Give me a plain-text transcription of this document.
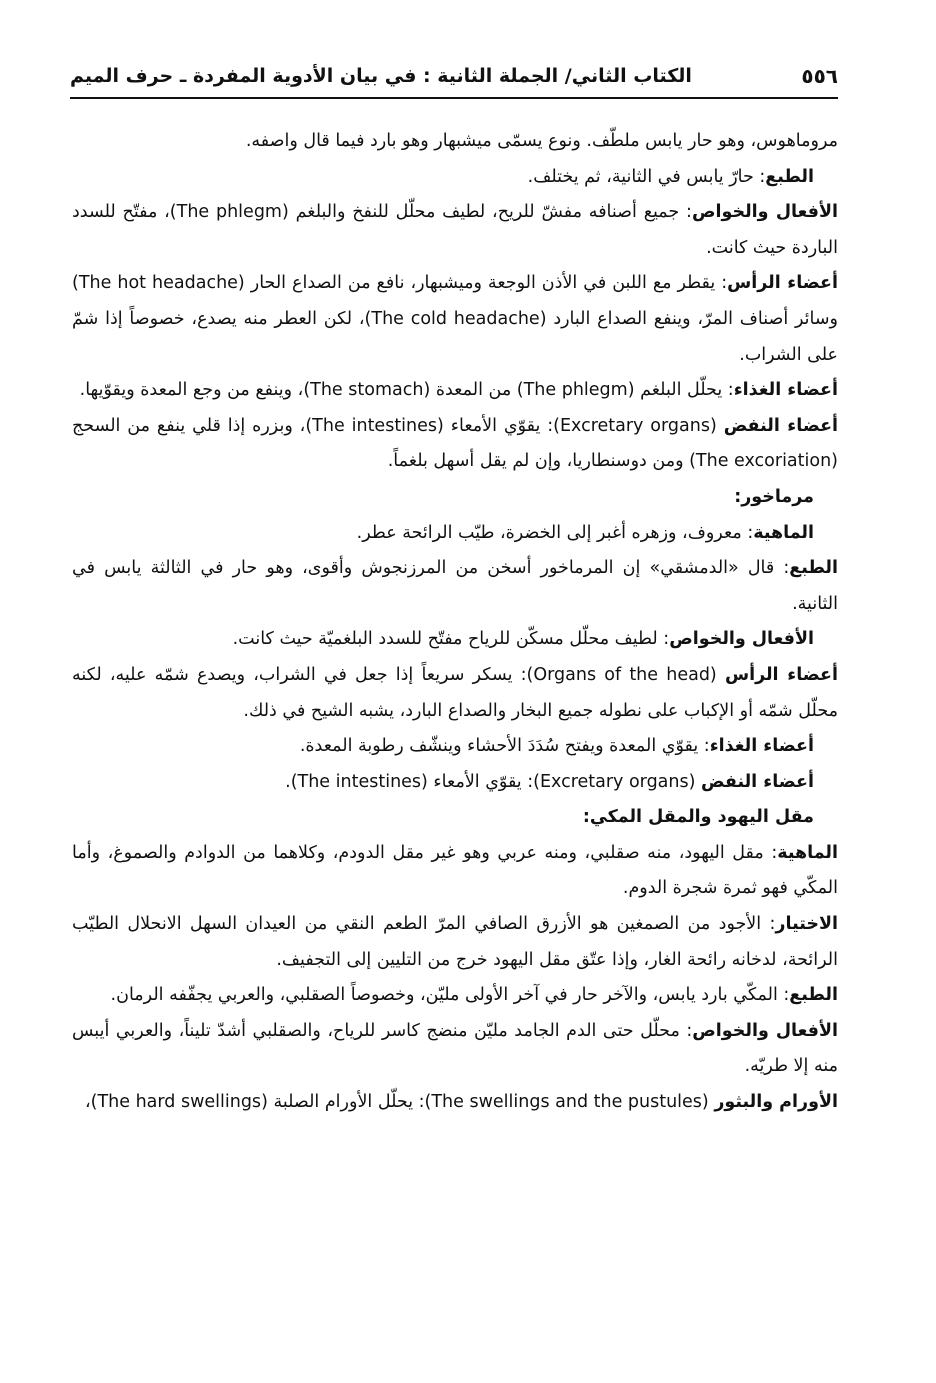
٥٥٦
الكتاب الثاني/ الجملة الثانية : في بيان الأدوية المفردة ـ حرف الميم

مروماهوس، وهو حار يابس ملطّف. ونوع يسمّى ميشبهار وهو بارد فيما قال واصفه.

الطبع: حارّ يابس في الثانية، ثم يختلف.

الأفعال والخواص: جميع أصنافه مفشّ للريح، لطيف محلّل للنفخ والبلغم (The phlegm)، مفتّح للسدد الباردة حيث كانت.

أعضاء الرأس: يقطر مع اللبن في الأذن الوجعة وميشبهار، نافع من الصداع الحار (The hot headache) وسائر أصناف المرّ، وينفع الصداع البارد (The cold headache)، لكن العطر منه يصدع، خصوصاً إذا شمّ على الشراب.

أعضاء الغذاء: يحلّل البلغم (The phlegm) من المعدة (The stomach)، وينفع من وجع المعدة ويقوّيها.

أعضاء النفض (Excretary organs): يقوّي الأمعاء (The intestines)، وبزره إذا قلي ينفع من السحج (The excoriation) ومن دوسنطاريا، وإن لم يقل أسهل بلغماً.

مرماخور:

الماهية: معروف، وزهره أغبر إلى الخضرة، طيّب الرائحة عطر.

الطبع: قال «الدمشقي» إن المرماخور أسخن من المرزنجوش وأقوى، وهو حار في الثالثة يابس في الثانية.

الأفعال والخواص: لطيف محلّل مسكّن للرياح مفتّح للسدد البلغميّة حيث كانت.

أعضاء الرأس (Organs of the head): يسكر سريعاً إذا جعل في الشراب، ويصدع شمّه عليه، لكنه محلّل شمّه أو الإكباب على نطوله جميع البخار والصداع البارد، يشبه الشيح في ذلك.

أعضاء الغذاء: يقوّي المعدة ويفتح سُدَدَ الأحشاء وينشّف رطوبة المعدة.

أعضاء النفض (Excretary organs): يقوّي الأمعاء (The intestines).

مقل اليهود والمقل المكي:

الماهية: مقل اليهود، منه صقلبي، ومنه عربي وهو غير مقل الدودم، وكلاهما من الدوادم والصموغ، وأما المكّي فهو ثمرة شجرة الدوم.

الاختيار: الأجود من الصمغين هو الأزرق الصافي المرّ الطعم النقي من العيدان السهل الانحلال الطيّب الرائحة، لدخانه رائحة الغار، وإذا عتّق مقل اليهود خرج من التليين إلى التجفيف.

الطبع: المكّي بارد يابس، والآخر حار في آخر الأولى مليّن، وخصوصاً الصقلبي، والعربي يجفّفه الرمان.

الأفعال والخواص: محلّل حتى الدم الجامد مليّن منضج كاسر للرياح، والصقلبي أشدّ تليناً، والعربي أيبس منه إلا طريّه.

الأورام والبثور (The swellings and the pustules): يحلّل الأورام الصلبة (The hard swellings)،
